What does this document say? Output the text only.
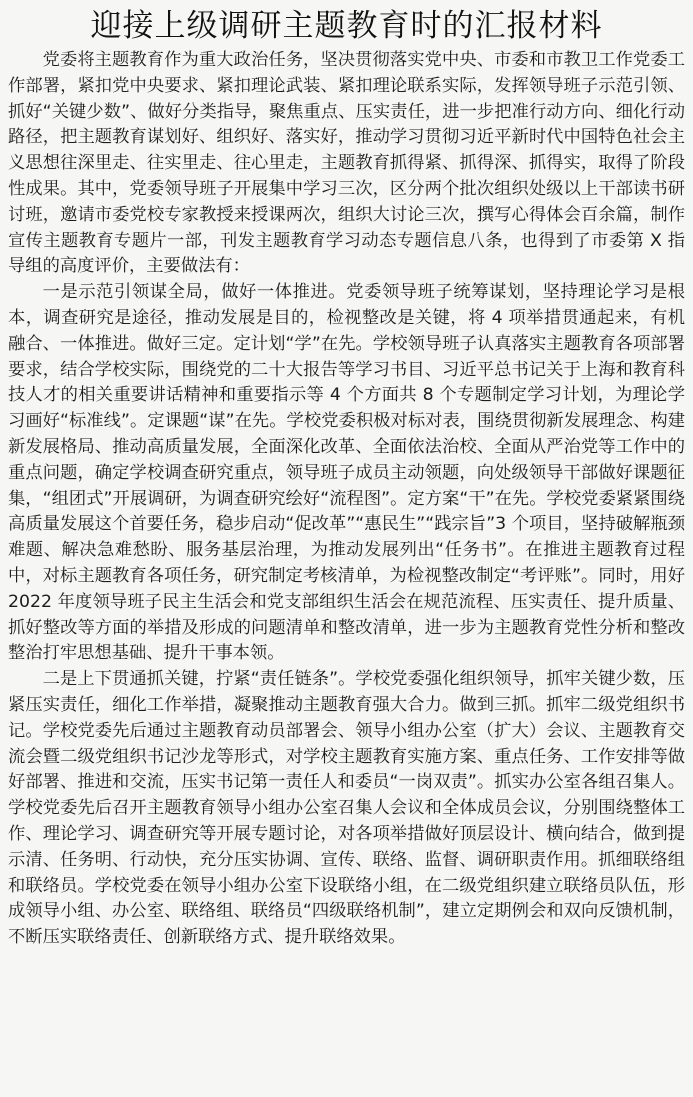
迎接上级调研主题教育时的汇报材料

党委将主题教育作为重大政治任务，坚决贯彻落实党中央、市委和市教卫工作党委工作部署，紧扣党中央要求、紧扣理论武装、紧扣理论联系实际，发挥领导班子示范引领、抓好“关键少数”、做好分类指导，聚焦重点、压实责任，进一步把准行动方向、细化行动路径，把主题教育谋划好、组织好、落实好，推动学习贯彻习近平新时代中国特色社会主义思想往深里走、往实里走、往心里走，主题教育抓得紧、抓得深、抓得实，取得了阶段性成果。其中，党委领导班子开展集中学习三次，区分两个批次组织处级以上干部读书研讨班，邀请市委党校专家教授来授课两次，组织大讨论三次，撰写心得体会百余篇，制作宣传主题教育专题片一部，刊发主题教育学习动态专题信息八条，也得到了市委第 X 指导组的高度评价，主要做法有：

一是示范引领谋全局，做好一体推进。党委领导班子统筹谋划，坚持理论学习是根本，调查研究是途径，推动发展是目的，检视整改是关键，将 4 项举措贯通起来，有机融合、一体推进。做好三定。定计划“学”在先。学校领导班子认真落实主题教育各项部署要求，结合学校实际，围绕党的二十大报告等学习书目、习近平总书记关于上海和教育科技人才的相关重要讲话精神和重要指示等 4 个方面共 8 个专题制定学习计划，为理论学习画好“标准线”。定课题“谋”在先。学校党委积极对标对表，围绕贯彻新发展理念、构建新发展格局、推动高质量发展，全面深化改革、全面依法治校、全面从严治党等工作中的重点问题，确定学校调查研究重点，领导班子成员主动领题，向处级领导干部做好课题征集，“组团式”开展调研，为调查研究绘好“流程图”。定方案“干”在先。学校党委紧紧围绕高质量发展这个首要任务，稳步启动“促改革”“惠民生”“践宗旨”3 个项目，坚持破解瓶颈难题、解决急难愁盼、服务基层治理，为推动发展列出“任务书”。在推进主题教育过程中，对标主题教育各项任务，研究制定考核清单，为检视整改制定“考评账”。同时，用好 2022 年度领导班子民主生活会和党支部组织生活会在规范流程、压实责任、提升质量、抓好整改等方面的举措及形成的问题清单和整改清单，进一步为主题教育党性分析和整改整治打牢思想基础、提升干事本领。

二是上下贯通抓关键，拧紧“责任链条”。学校党委强化组织领导，抓牢关键少数，压紧压实责任，细化工作举措，凝聚推动主题教育强大合力。做到三抓。抓牢二级党组织书记。学校党委先后通过主题教育动员部署会、领导小组办公室（扩大）会议、主题教育交流会暨二级党组织书记沙龙等形式，对学校主题教育实施方案、重点任务、工作安排等做好部署、推进和交流，压实书记第一责任人和委员“一岗双责”。抓实办公室各组召集人。学校党委先后召开主题教育领导小组办公室召集人会议和全体成员会议，分别围绕整体工作、理论学习、调查研究等开展专题讨论，对各项举措做好顶层设计、横向结合，做到提示清、任务明、行动快，充分压实协调、宣传、联络、监督、调研职责作用。抓细联络组和联络员。学校党委在领导小组办公室下设联络小组，在二级党组织建立联络员队伍，形成领导小组、办公室、联络组、联络员“四级联络机制”，建立定期例会和双向反馈机制，不断压实联络责任、创新联络方式、提升联络效果。
